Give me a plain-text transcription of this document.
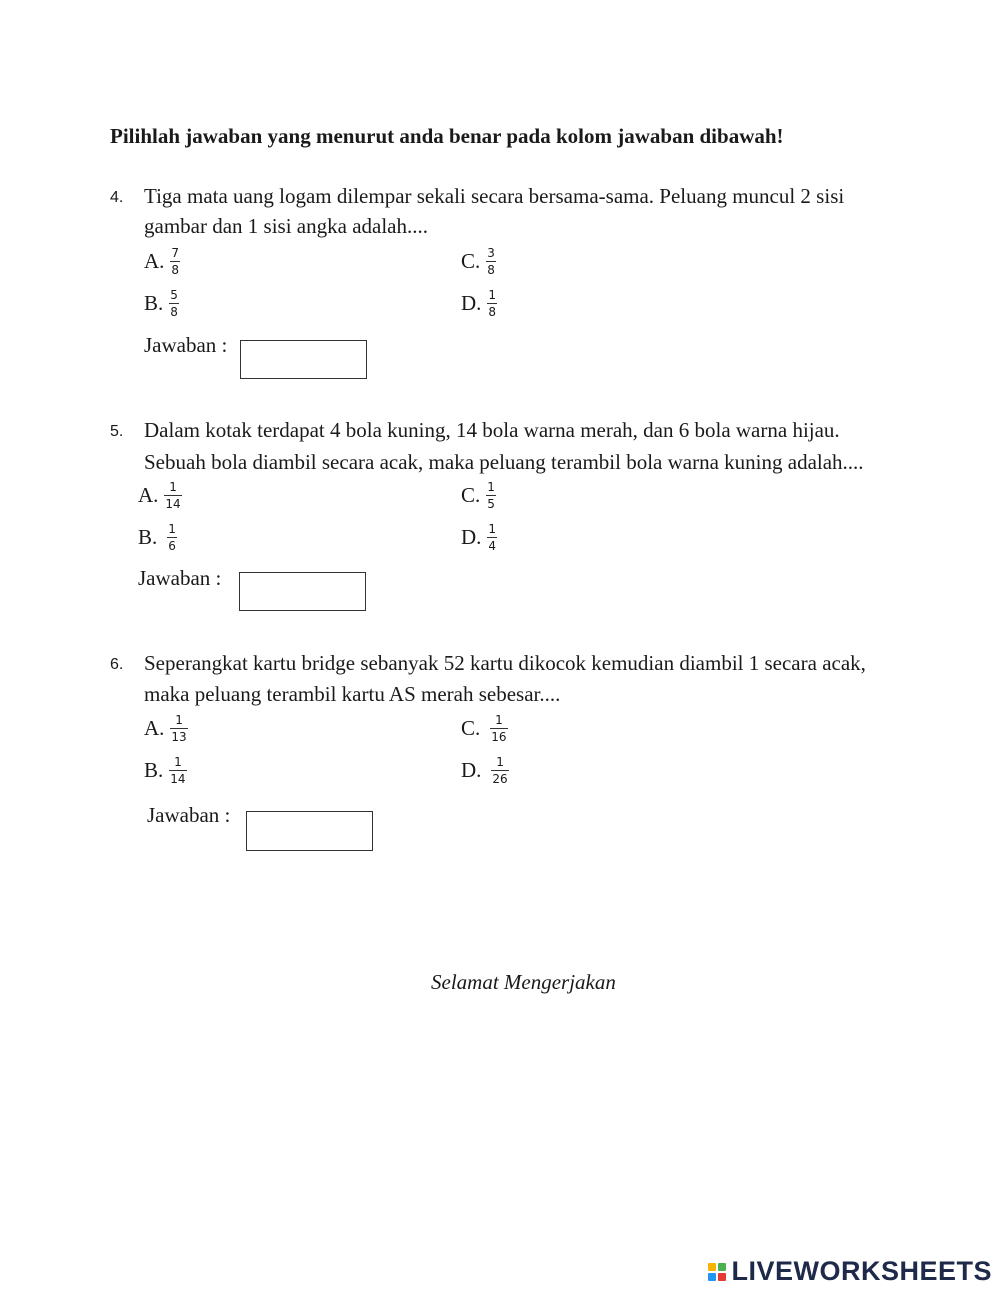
Pilihlah jawaban yang menurut anda benar pada kolom jawaban dibawah!
4. Tiga mata uang logam dilempar sekali secara bersama-sama. Peluang muncul 2 sisi
gambar dan 1 sisi angka adalah....
A. $\frac{7}{8}$
B. $\frac{5}{8}$
C. $\frac{3}{8}$
D. $\frac{1}{8}$
Jawaban :
5. Dalam kotak terdapat 4 bola kuning, 14 bola warna merah, dan 6 bola warna hijau.
Sebuah bola diambil secara acak, maka peluang terambil bola warna kuning adalah....
A. $\frac{1}{14}$
B. $\frac{1}{6}$
C. $\frac{1}{5}$
D. $\frac{1}{4}$
Jawaban :
6. Seperangkat kartu bridge sebanyak 52 kartu dikocok kemudian diambil 1 secara acak,
maka peluang terambil kartu AS merah sebesar....
A. $\frac{1}{13}$
B. $\frac{1}{14}$
C. $\frac{1}{16}$
D. $\frac{1}{26}$
Jawaban :
Selamat Mengerjakan
LIVEWORKSHEETS
